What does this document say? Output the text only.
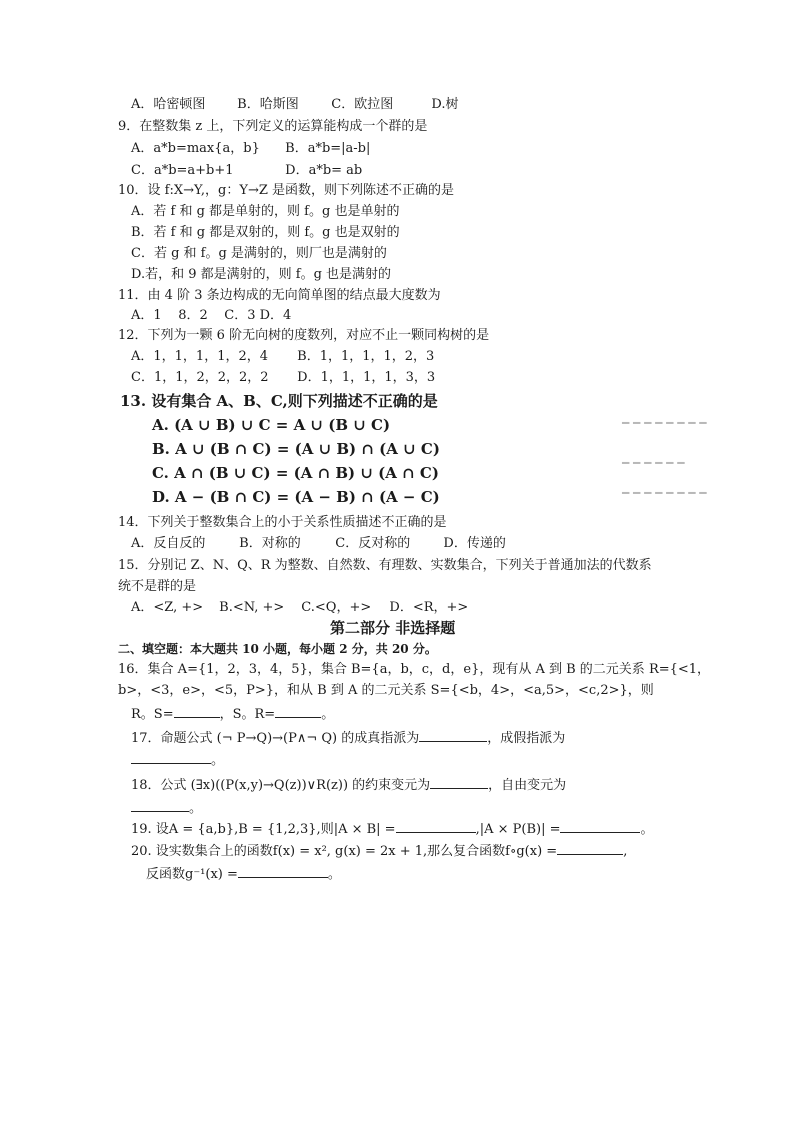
━ ━ ━ ━ ━ ━ ━ ━
━ ━ ━ ━ ━ ━
━ ━ ━ ━ ━ ━ ━ ━
A．哈密顿图 B．哈斯图	C．欧拉图	D.树
9．在整数集 z 上，下列定义的运算能构成一个群的是
A．a*b=max{a，b} B．a*b=|a-b|
C．a*b=a+b+1	D．a*b= ab
10．设 f:X→Y,，g：Y→Z 是函数，则下列陈述不正确的是
A．若 f 和 g 都是单射的，则 f。g 也是单射的
B．若 f 和 g 都是双射的，则 f。g 也是双射的
C．若 g 和 f。g 是满射的，则厂也是满射的
D.若，和 9 都是满射的，则 f。g 也是满射的
11．由 4 阶 3 条边构成的无向简单图的结点最大度数为
A．1    8．2    C．3 D．4
12．下列为一颗 6 阶无向树的度数列，对应不止一颗同构树的是
A．1，1，1，1，2，4 B．1，1，1，1，2，3
C．1，1，2，2，2，2 D．1，1，1，1，3，3
13. 设有集合 A、B、C,则下列描述不正确的是
A. (A ∪ B) ∪ C = A ∪ (B ∪ C)
B. A ∪ (B ∩ C) = (A ∪ B) ∩ (A ∪ C)
C. A ∩ (B ∪ C) = (A ∩ B) ∪ (A ∩ C)
D. A − (B ∩ C) = (A − B) ∩ (A − C)
14．下列关于整数集合上的小于关系性质描述不正确的是
A．反自反的	B．对称的	C．反对称的	D．传递的
15．分别记 Z、N、Q、R 为整数、自然数、有理数、实数集合，下列关于普通加法的代数系
统不是群的是
A．<Z, +> B.<N, +> C.<Q，+> D．<R，+>
第二部分 非选择题
二、填空题：本大题共 10 小题，每小题 2 分，共 20 分。
16．集合 A={1，2，3，4，5}，集合 B={a，b，c，d，e}，现有从 A 到 B 的二元关系 R={<1，
b>，<3，e>，<5，P>}，和从 B 到 A 的二元关系 S={<b，4>，<a,5>，<c,2>}，则
R。S=	，S。R=	。
17．命题公式 (¬ P→Q)→(P∧¬ Q) 的成真指派为	，成假指派为
。
18．公式 (∃x)((P(x,y)→Q(z))∨R(z)) 的约束变元为	，自由变元为
。
19. 设A = {a,b},B = {1,2,3},则|A × B| =	,|A × P(B)| =	。
20. 设实数集合上的函数f(x) = x², g(x) = 2x + 1,那么复合函数f∘g(x) =	,
反函数g⁻¹(x) =	。
